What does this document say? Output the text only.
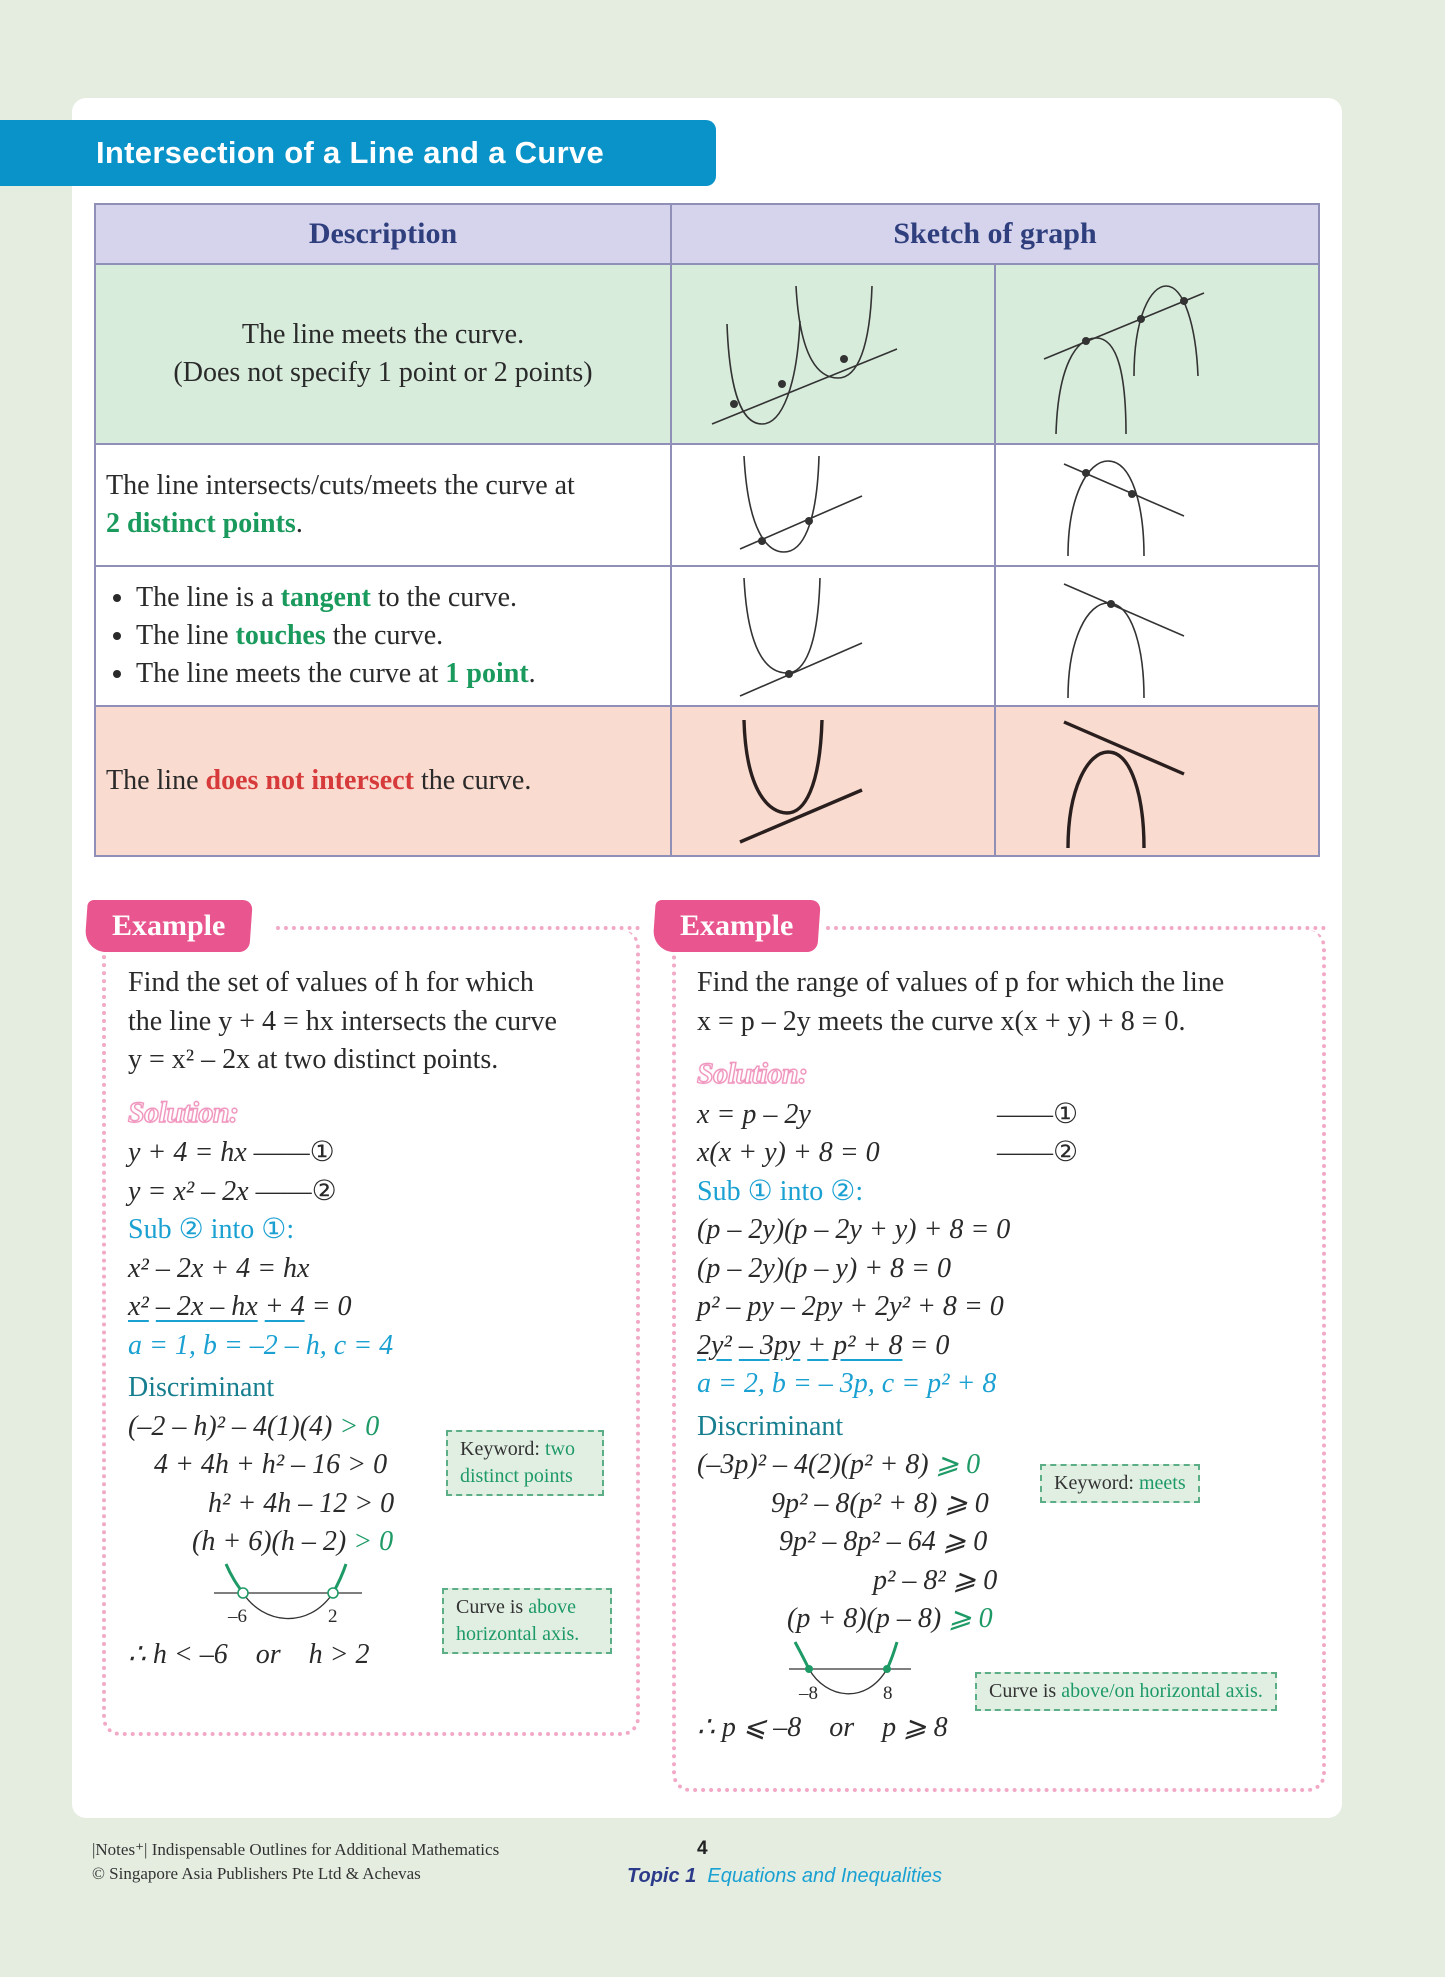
Intersection of a Line and a Curve
Description	Sketch of graph	

The line meets the curve.
(Does not specify 1 point or 2 points)

The line intersects/cuts/meets the curve at
2 distinct points.	

• The line is a tangent to the curve.
• The line touches the curve.
• The line meets the curve at 1 point.

The line does not intersect the curve.	

Example
Find the set of values of h for which
the line y + 4 = hx intersects the curve
y = x² – 2x at two distinct points.
Solution:
y + 4 = hx ——①
y = x² – 2x ——②
Sub ② into ①:
x² – 2x + 4 = hx
x² – 2x – hx + 4 = 0
a = 1, b = –2 – h, c = 4
Discriminant
(–2 – h)² – 4(1)(4) > 0
4 + 4h + h² – 16 > 0
h² + 4h – 12 > 0
(h + 6)(h – 2) > 0
–6	2
∴ h < –6    or    h > 2
Keyword: two distinct points
Curve is above horizontal axis.
Example
Find the range of values of p for which the line
x = p – 2y meets the curve x(x + y) + 8 = 0.
Solution:
x = p – 2y	——①
x(x + y) + 8 = 0	——②
Sub ① into ②:
(p – 2y)(p – 2y + y) + 8 = 0
(p – 2y)(p – y) + 8 = 0
p² – py – 2py + 2y² + 8 = 0
2y² – 3py + p² + 8 = 0
a = 2, b = – 3p, c = p² + 8
Discriminant
(–3p)² – 4(2)(p² + 8) ⩾ 0
9p² – 8(p² + 8) ⩾ 0
9p² – 8p² – 64 ⩾ 0
p² – 8² ⩾ 0
(p + 8)(p – 8) ⩾ 0
–8	8
∴ p ⩽ –8    or    p ⩾ 8
Keyword: meets
Curve is above/on horizontal axis.
|Notes⁺| Indispensable Outlines for Additional Mathematics
© Singapore Asia Publishers Pte Ltd & Achevas
4
Topic 1 Equations and Inequalities
